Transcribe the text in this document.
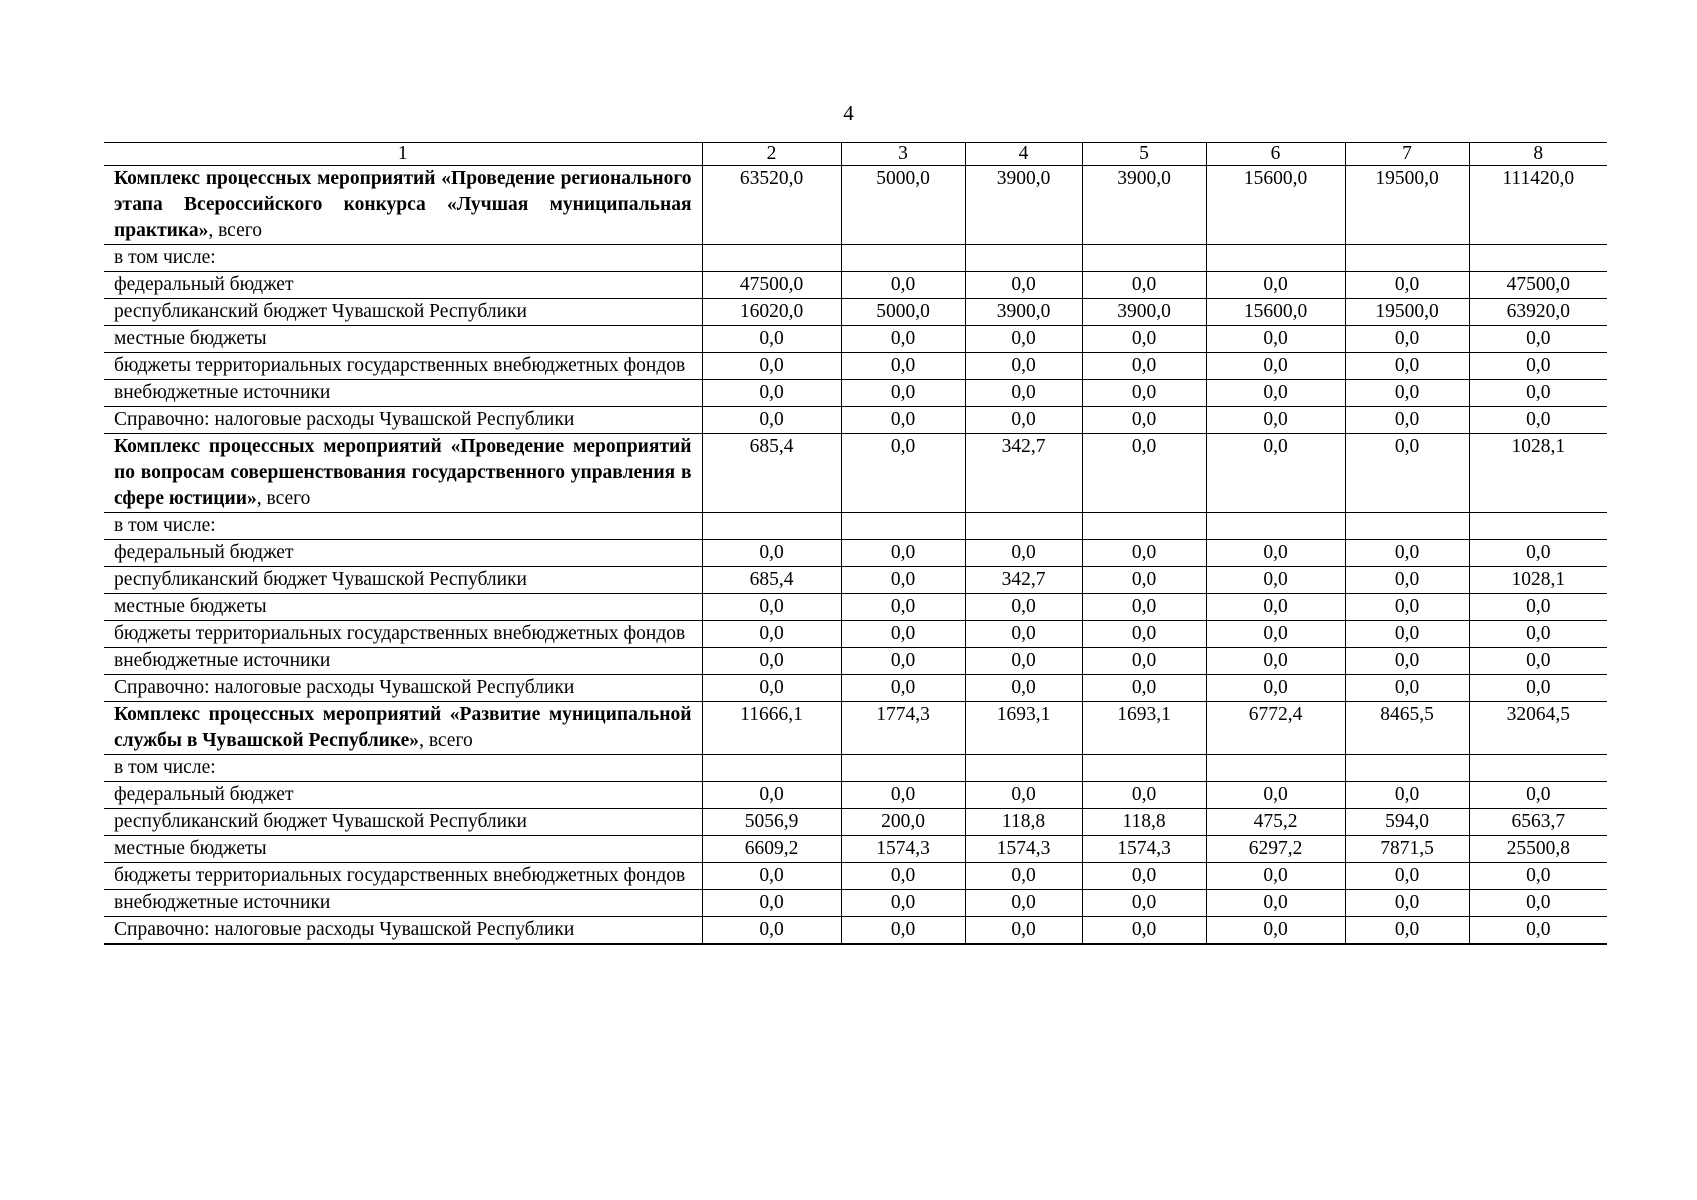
4
1	2	3	4	5	6	7	8
Комплекс процессных мероприятий «Проведение регионального этапа Всероссийского конкурса «Лучшая муниципальная практика», всего	63520,0	5000,0	3900,0	3900,0	15600,0	19500,0	111420,0
в том числе:							
федеральный бюджет	47500,0	0,0	0,0	0,0	0,0	0,0	47500,0
республиканский бюджет Чувашской Республики	16020,0	5000,0	3900,0	3900,0	15600,0	19500,0	63920,0
местные бюджеты	0,0	0,0	0,0	0,0	0,0	0,0	0,0
бюджеты территориальных государственных внебюджетных фондов	0,0	0,0	0,0	0,0	0,0	0,0	0,0
внебюджетные источники	0,0	0,0	0,0	0,0	0,0	0,0	0,0
Справочно: налоговые расходы Чувашской Республики	0,0	0,0	0,0	0,0	0,0	0,0	0,0
Комплекс процессных мероприятий «Проведение мероприятий по вопросам совершенствования государственного управления в сфере юстиции», всего	685,4	0,0	342,7	0,0	0,0	0,0	1028,1
в том числе:							
федеральный бюджет	0,0	0,0	0,0	0,0	0,0	0,0	0,0
республиканский бюджет Чувашской Республики	685,4	0,0	342,7	0,0	0,0	0,0	1028,1
местные бюджеты	0,0	0,0	0,0	0,0	0,0	0,0	0,0
бюджеты территориальных государственных внебюджетных фондов	0,0	0,0	0,0	0,0	0,0	0,0	0,0
внебюджетные источники	0,0	0,0	0,0	0,0	0,0	0,0	0,0
Справочно: налоговые расходы Чувашской Республики	0,0	0,0	0,0	0,0	0,0	0,0	0,0
Комплекс процессных мероприятий «Развитие муниципальной службы в Чувашской Республике», всего	11666,1	1774,3	1693,1	1693,1	6772,4	8465,5	32064,5
в том числе:							
федеральный бюджет	0,0	0,0	0,0	0,0	0,0	0,0	0,0
республиканский бюджет Чувашской Республики	5056,9	200,0	118,8	118,8	475,2	594,0	6563,7
местные бюджеты	6609,2	1574,3	1574,3	1574,3	6297,2	7871,5	25500,8
бюджеты территориальных государственных внебюджетных фондов	0,0	0,0	0,0	0,0	0,0	0,0	0,0
внебюджетные источники	0,0	0,0	0,0	0,0	0,0	0,0	0,0
Справочно: налоговые расходы Чувашской Республики	0,0	0,0	0,0	0,0	0,0	0,0	0,0
